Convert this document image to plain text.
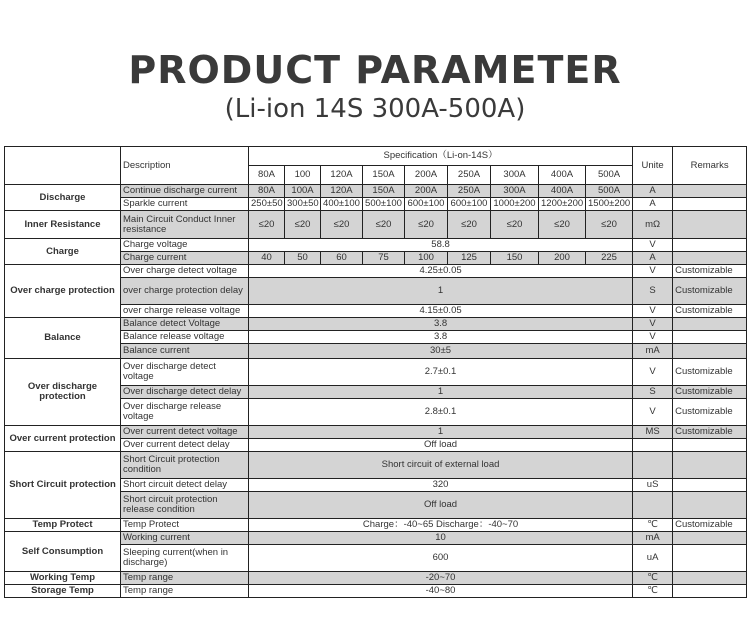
PRODUCT PARAMETER
(Li-ion 14S 300A-500A)
	Description	Specification（Li-on-14S）									Unite	Remarks
		80A	100	120A	150A	200A	250A	300A	400A	500A		
Discharge	Continue discharge current	80A	100A	120A	150A	200A	250A	300A	400A	500A	A	
	Sparkle current	250±50	300±50	400±100	500±100	600±100	600±100	1000±200	1200±200	1500±200	A	
Inner Resistance	Main Circuit Conduct Inner resistance	≤20	≤20	≤20	≤20	≤20	≤20	≤20	≤20	≤20	mΩ	
Charge	Charge voltage	58.8									V	
	Charge current	40	50	60	75	100	125	150	200	225	A	
Over charge protection	Over charge detect voltage	4.25±0.05									V	Customizable
	over charge protection delay	1									S	Customizable
	over charge release voltage	4.15±0.05									V	Customizable
Balance	Balance detect Voltage	3.8									V	
	Balance release voltage	3.8									V	
	Balance current	30±5									mA	
Over discharge protection	Over discharge detect voltage	2.7±0.1									V	Customizable
	Over discharge detect delay	1									S	Customizable
	Over discharge release voltage	2.8±0.1									V	Customizable
Over current protection	Over current detect voltage	1									MS	Customizable
	Over current detect delay	Off load										
Short Circuit protection	Short Circuit protection condition	Short circuit of external load										
	Short circuit detect delay	320									uS	
	Short circuit protection release condition	Off load										
Temp Protect	Temp Protect	Charge：-40~65 Discharge：-40~70									℃	Customizable
Self Consumption	Working current	10									mA	
	Sleeping current(when in discharge)	600									uA	
Working Temp	Temp range	-20~70									℃	
Storage Temp	Temp range	-40~80									℃	
